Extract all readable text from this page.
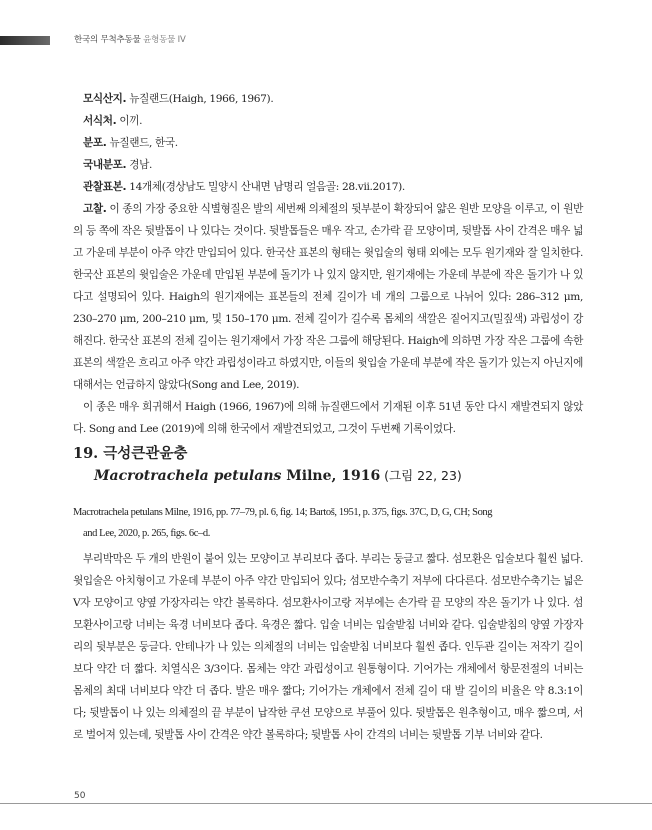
한국의 무척추동물 윤형동물 IV

모식산지. 뉴질랜드(Haigh, 1966, 1967).

서식처. 이끼.

분포. 뉴질랜드, 한국.

국내분포. 경남.

관찰표본. 14개체(경상남도 밀양시 산내면 남명리 얼음골: 28.vii.2017).

고찰. 이 종의 가장 중요한 식별형질은 발의 세번째 의체절의 뒷부분이 확장되어 얇은 원반 모양을 이루고, 이 원반의 등 쪽에 작은 뒷발톱이 나 있다는 것이다. 뒷발톱들은 매우 작고, 손가락 끝 모양이며, 뒷발톱 사이 간격은 매우 넓고 가운데 부분이 아주 약간 만입되어 있다. 한국산 표본의 형태는 윗입술의 형태 외에는 모두 원기재와 잘 일치한다. 한국산 표본의 윗입술은 가운데 만입된 부분에 돌기가 나 있지 않지만, 원기재에는 가운데 부분에 작은 돌기가 나 있다고 설명되어 있다. Haigh의 원기재에는 표본들의 전체 길이가 네 개의 그룹으로 나뉘어 있다: 286–312 μm, 230–270 μm, 200–210 μm, 및 150–170 μm. 전체 길이가 길수록 몸체의 색깔은 짙어지고(밀짚색) 과립성이 강해진다. 한국산 표본의 전체 길이는 원기재에서 가장 작은 그룹에 해당된다. Haigh에 의하면 가장 작은 그룹에 속한 표본의 색깔은 흐리고 아주 약간 과립성이라고 하였지만, 이들의 윗입술 가운데 부분에 작은 돌기가 있는지 아닌지에 대해서는 언급하지 않았다(Song and Lee, 2019).

이 종은 매우 희귀해서 Haigh (1966, 1967)에 의해 뉴질랜드에서 기재된 이후 51년 동안 다시 재발견되지 않았다. Song and Lee (2019)에 의해 한국에서 재발견되었고, 그것이 두번째 기록이었다.

19. 극성큰관윤충

Macrotrachela petulans Milne, 1916 (그림 22, 23)

Macrotrachela petulans Milne, 1916, pp. 77–79, pl. 6, fig. 14; Bartoš, 1951, p. 375, figs. 37C, D, G, CH; Song
and Lee, 2020, p. 265, figs. 6c–d.

부리박막은 두 개의 반원이 붙어 있는 모양이고 부리보다 좁다. 부리는 둥글고 짧다. 섬모환은 입술보다 훨씬 넓다. 윗입술은 아치형이고 가운데 부분이 아주 약간 만입되어 있다; 섬모반수축기 저부에 다다른다. 섬모반수축기는 넓은 V자 모양이고 양옆 가장자리는 약간 볼록하다. 섬모환사이고랑 저부에는 손가락 끝 모양의 작은 돌기가 나 있다. 섬모환사이고랑 너비는 육경 너비보다 좁다. 육경은 짧다. 입술 너비는 입술받침 너비와 같다. 입술받침의 양옆 가장자리의 뒷부분은 둥글다. 안테나가 나 있는 의체절의 너비는 입술받침 너비보다 훨씬 좁다. 인두관 길이는 저작기 길이보다 약간 더 짧다. 치열식은 3/3이다. 몸체는 약간 과립성이고 원통형이다. 기어가는 개체에서 항문전절의 너비는 몸체의 최대 너비보다 약간 더 좁다. 발은 매우 짧다; 기어가는 개체에서 전체 길이 대 발 길이의 비율은 약 8.3:1이다; 뒷발톱이 나 있는 의체절의 끝 부분이 납작한 쿠션 모양으로 부풀어 있다. 뒷발톱은 원추형이고, 매우 짧으며, 서로 벌어져 있는데, 뒷발톱 사이 간격은 약간 볼록하다; 뒷발톱 사이 간격의 너비는 뒷발톱 기부 너비와 같다.

50
